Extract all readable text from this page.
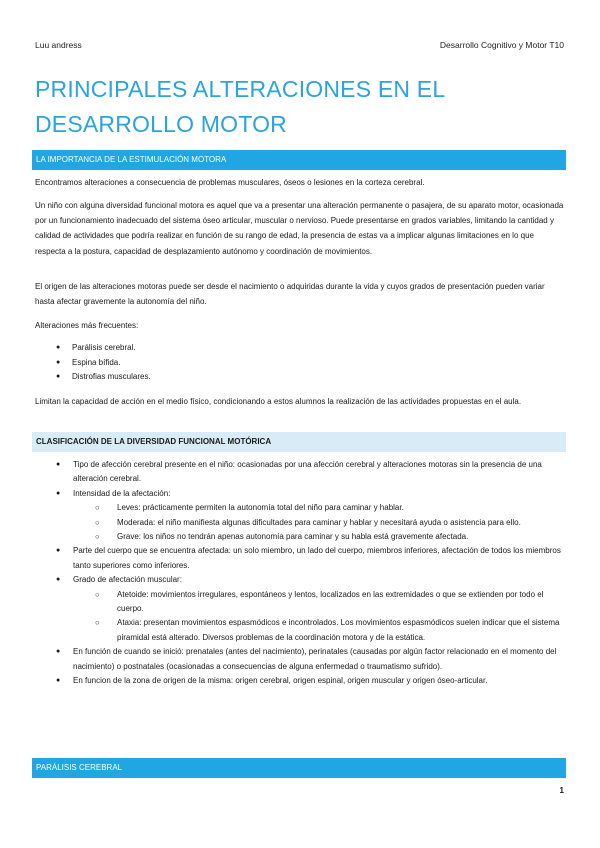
Luu andress	Desarrollo Cognitivo y Motor T10
PRINCIPALES ALTERACIONES EN EL DESARROLLO MOTOR
LA IMPORTANCIA DE LA ESTIMULACIÓN MOTORA

Encontramos alteraciones a consecuencia de problemas musculares, óseos o lesiones en la corteza cerebral.

Un niño con alguna diversidad funcional motora es aquel que va a presentar una alteración permanente o pasajera, de su aparato motor, ocasionada por un funcionamiento inadecuado del sistema óseo articular, muscular o nervioso. Puede presentarse en grados variables, limitando la cantidad y calidad de actividades que podría realizar en función de su rango de edad, la presencia de estas va a implicar algunas limitaciones en lo que respecta a la postura, capacidad de desplazamiento autónomo y coordinación de movimientos.

El origen de las alteraciones motoras puede ser desde el nacimiento o adquiridas durante la vida y cuyos grados de presentación pueden variar hasta afectar gravemente la autonomía del niño.

Alteraciones más frecuentes:

● Parálisis cerebral.
● Espina bífida.
● Distrofias musculares.

Limitan la capacidad de acción en el medio físico, condicionando a estos alumnos la realización de las actividades propuestas en el aula.

CLASIFICACIÓN DE LA DIVERSIDAD FUNCIONAL MOTÓRICA
● Tipo de afección cerebral presente en el niño: ocasionadas por una afección cerebral y alteraciones motoras sin la presencia de una alteración cerebral.
● Intensidad de la afectación:
○ Leves: prácticamente permiten la autonomía total del niño para caminar y hablar.
○ Moderada: el niño manifiesta algunas dificultades para caminar y hablar y necesitará ayuda o asistencia para ello.
○ Grave: los niños no tendrán apenas autonomía para caminar y su habla está gravemente afectada.
● Parte del cuerpo que se encuentra afectada: un solo miembro, un lado del cuerpo, miembros inferiores, afectación de todos los miembros tanto superiores como inferiores.
● Grado de afectación muscular:
○ Atetoide: movimientos irregulares, espontáneos y lentos, localizados en las extremidades o que se extienden por todo el cuerpo.
○ Ataxia: presentan movimientos espasmódicos e incontrolados. Los movimientos espasmódicos suelen indicar que el sistema piramidal está alterado. Diversos problemas de la coordinación motora y de la estática.
● En función de cuando se inició: prenatales (antes del nacimiento), perinatales (causadas por algún factor relacionado en el momento del nacimiento) o postnatales (ocasionadas a consecuencias de alguna enfermedad o traumatismo sufrido).
● En funcion de la zona de origen de la misma: origen cerebral, origen espinal, origen muscular y origen óseo-articular.
PARÁLISIS CEREBRAL
1
